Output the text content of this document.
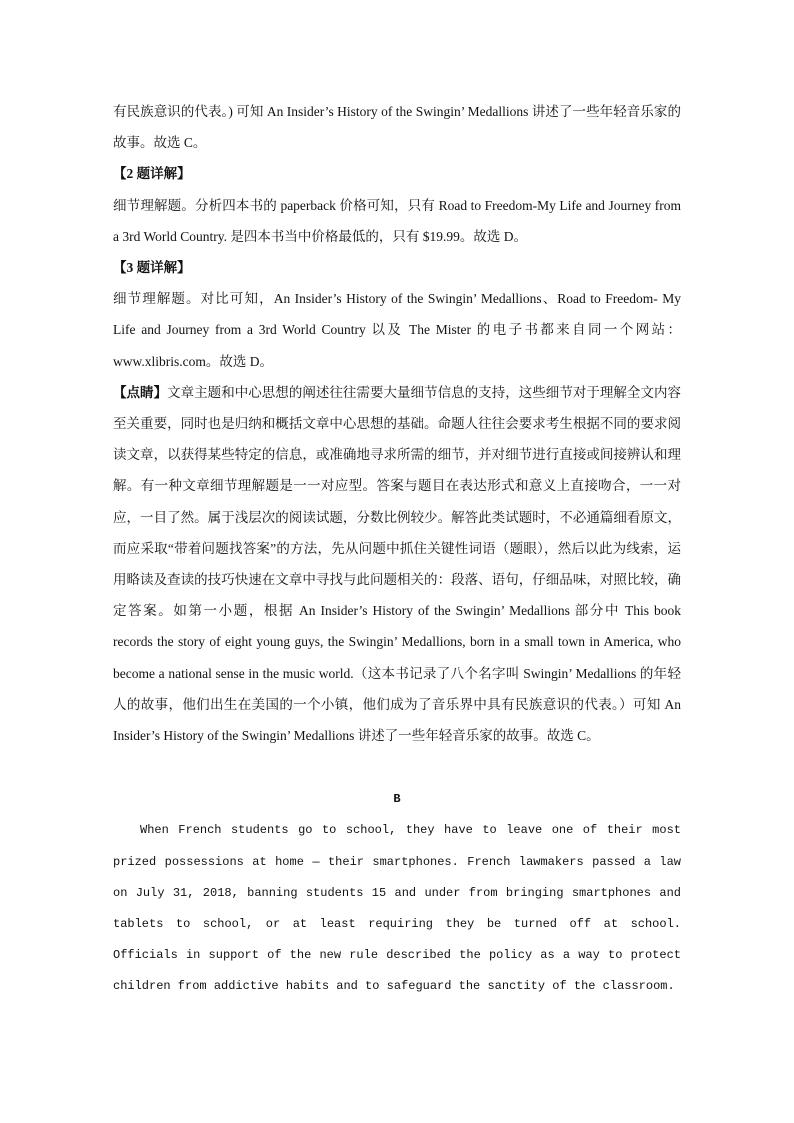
有民族意识的代表。) 可知 An Insider’s History of the Swingin’ Medallions 讲述了一些年轻音乐家的故事。故选 C。

【2 题详解】

细节理解题。分析四本书的 paperback 价格可知，只有 Road to Freedom-My Life and Journey from a 3rd World Country. 是四本书当中价格最低的，只有 $19.99。故选 D。

【3 题详解】

细节理解题。对比可知，An Insider’s History of the Swingin’ Medallions、Road to Freedom- My Life and Journey from a 3rd World Country 以及 The Mister 的电子书都来自同一个网站：www.xlibris.com。故选 D。

【点睛】文章主题和中心思想的阐述往往需要大量细节信息的支持，这些细节对于理解全文内容至关重要，同时也是归纳和概括文章中心思想的基础。命题人往往会要求考生根据不同的要求阅读文章，以获得某些特定的信息，或准确地寻求所需的细节，并对细节进行直接或间接辨认和理解。有一种文章细节理解题是一一对应型。答案与题目在表达形式和意义上直接吻合，一一对应，一目了然。属于浅层次的阅读试题，分数比例较少。解答此类试题时，不必通篇细看原文，而应采取“带着问题找答案”的方法，先从问题中抓住关键性词语（题眼），然后以此为线索，运用略读及查读的技巧快速在文章中寻找与此问题相关的：段落、语句，仔细品味，对照比较，确定答案。如第一小题，根据 An Insider’s History of the Swingin’ Medallions 部分中 This book records the story of eight young guys, the Swingin’ Medallions, born in a small town in America, who become a national sense in the music world.（这本书记录了八个名字叫 Swingin’ Medallions 的年轻人的故事，他们出生在美国的一个小镇，他们成为了音乐界中具有民族意识的代表。）可知 An Insider’s History of the Swingin’ Medallions 讲述了一些年轻音乐家的故事。故选 C。

B

When French students go to school, they have to leave one of their most prized possessions at home — their smartphones. French lawmakers passed a law on July 31, 2018, banning students 15 and under from bringing smartphones and tablets to school, or at least requiring they be turned off at school. Officials in support of the new rule described the policy as a way to protect children from addictive habits and to safeguard the sanctity of the classroom.
